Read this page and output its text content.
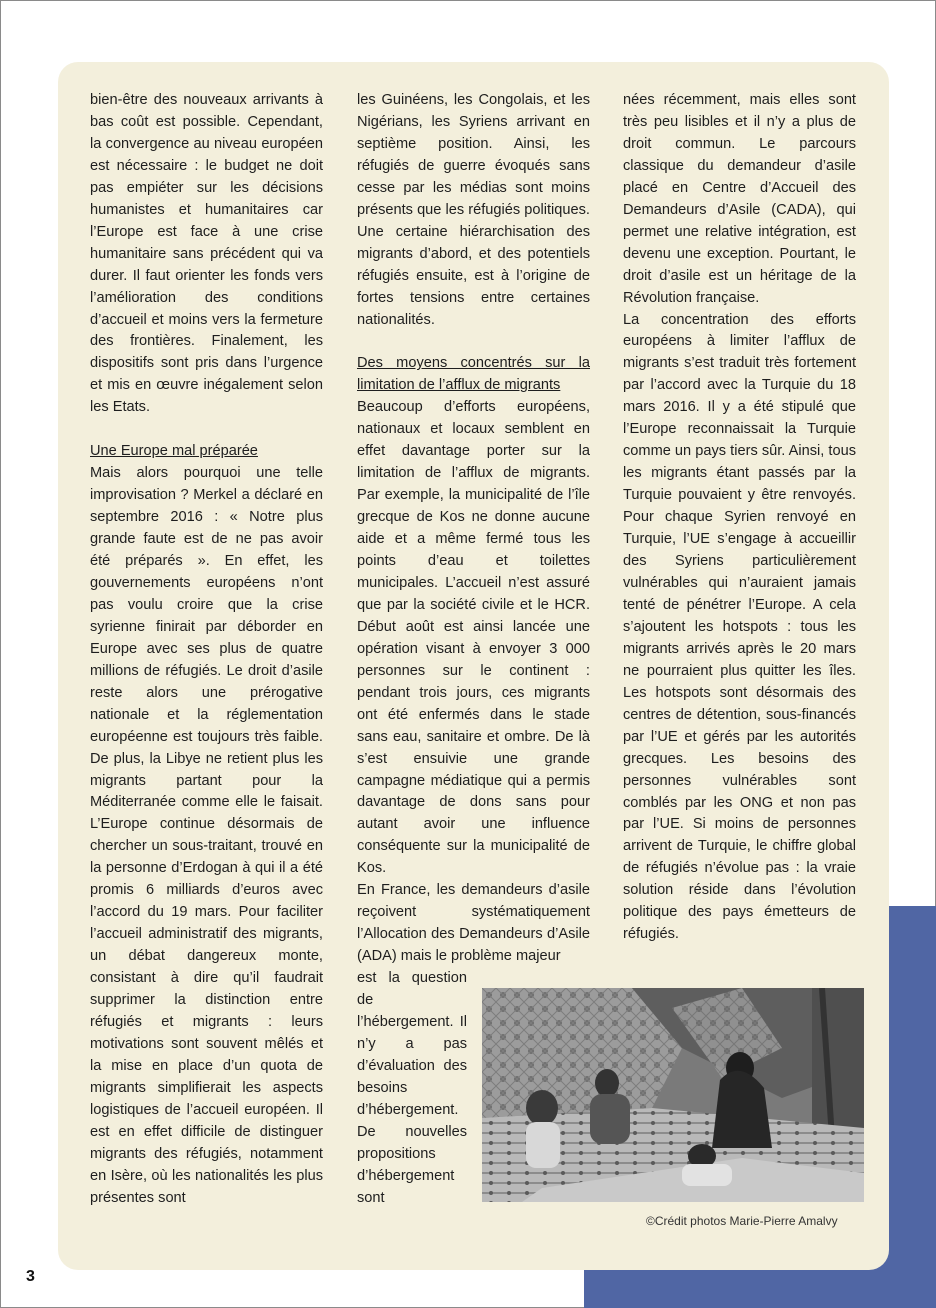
bien-être des nouveaux arrivants à bas coût est possible. Cependant, la convergence au niveau européen est nécessaire : le budget ne doit pas empiéter sur les décisions humanistes et humanitaires car l’Europe est face à une crise humanitaire sans précédent qui va durer. Il faut orienter les fonds vers l’amélioration des conditions d’accueil et moins vers la fermeture des frontières. Finalement, les dispositifs sont pris dans l’urgence et mis en œuvre inégalement selon les Etats.

Une Europe mal préparée

Mais alors pourquoi une telle improvisation ? Merkel a déclaré en septembre 2016 : « Notre plus grande faute est de ne pas avoir été préparés ». En effet, les gouvernements européens n’ont pas voulu croire que la crise syrienne finirait par déborder en Europe avec ses plus de quatre millions de réfugiés. Le droit d’asile reste alors une prérogative nationale et la réglementation européenne est toujours très faible. De plus, la Libye ne retient plus les migrants partant pour la Méditerranée comme elle le faisait. L’Europe continue désormais de chercher un sous-traitant, trouvé en la personne d’Erdogan à qui il a été promis 6 milliards d’euros avec l’accord du 19 mars. Pour faciliter l’accueil administratif des migrants, un débat dangereux monte, consistant à dire qu’il faudrait supprimer la distinction entre réfugiés et migrants : leurs motivations sont souvent mêlés et la mise en place d’un quota de migrants simplifierait les aspects logistiques de l’accueil européen. Il est en effet difficile de distinguer migrants des réfugiés, notamment en Isère, où les nationalités les plus présentes sont

les Guinéens, les Congolais, et les Nigérians, les Syriens arrivant en septième position. Ainsi, les réfugiés de guerre évoqués sans cesse par les médias sont moins présents que les réfugiés politiques. Une certaine hiérarchisation des migrants d’abord, et des potentiels réfugiés ensuite, est à l’origine de fortes tensions entre certaines nationalités.

Des moyens concentrés sur la limitation de l’afflux de migrants

Beaucoup d’efforts européens, nationaux et locaux semblent en effet davantage porter sur la limitation de l’afflux de migrants. Par exemple, la municipalité de l’île grecque de Kos ne donne aucune aide et a même fermé tous les points d’eau et toilettes municipales. L’accueil n’est assuré que par la société civile et le HCR. Début août est ainsi lancée une opération visant à envoyer 3 000 personnes sur le continent : pendant trois jours, ces migrants ont été enfermés dans le stade sans eau, sanitaire et ombre. De là s’est ensuivie une grande campagne médiatique qui a permis davantage de dons sans pour autant avoir une influence conséquente sur la municipalité de Kos.

En France, les demandeurs d’asile reçoivent systématiquement l’Allocation des Demandeurs d’Asile (ADA) mais le problème majeur

est la question de l’hébergement. Il n’y a pas d’évaluation des besoins d’hébergement. De nouvelles propositions d’hébergement sont

nées récemment, mais elles sont très peu lisibles et il n’y a plus de droit commun. Le parcours classique du demandeur d’asile placé en Centre d’Accueil des Demandeurs d’Asile (CADA), qui permet une relative intégration, est devenu une exception. Pourtant, le droit d’asile est un héritage de la Révolution française.

La concentration des efforts européens à limiter l’afflux de migrants s’est traduit très fortement par l’accord avec la Turquie du 18 mars 2016. Il y a été stipulé que l’Europe reconnaissait la Turquie comme un pays tiers sûr. Ainsi, tous les migrants étant passés par la Turquie pouvaient y être renvoyés. Pour chaque Syrien renvoyé en Turquie, l’UE s’engage à accueillir des Syriens particulièrement vulnérables qui n’auraient jamais tenté de pénétrer l’Europe. A cela s’ajoutent les hotspots : tous les migrants arrivés après le 20 mars ne pourraient plus quitter les îles. Les hotspots sont désormais des centres de détention, sous-financés par l’UE et gérés par les autorités grecques. Les besoins des personnes vulnérables sont comblés par les ONG et non pas par l’UE. Si moins de personnes arrivent de Turquie, le chiffre global de réfugiés n’évolue pas : la vraie solution réside dans l’évolution politique des pays émetteurs de réfugiés.

©Crédit photos Marie-Pierre Amalvy
3
